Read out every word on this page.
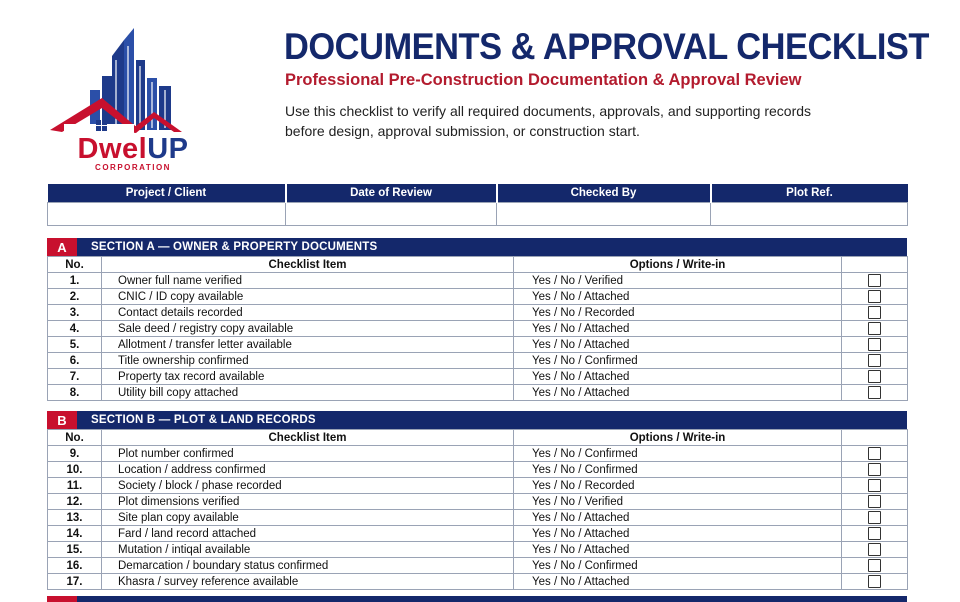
DwelUP
CORPORATION
DOCUMENTS & APPROVAL CHECKLIST
Professional Pre-Construction Documentation & Approval Review
Use this checklist to verify all required documents, approvals, and supporting records before design, approval submission, or construction start.
Project / Client	Date of Review	Checked By	Plot Ref.

A	SECTION A — OWNER & PROPERTY DOCUMENTS
No.	Checklist Item	Options / Write-in	
1.	Owner full name verified	Yes / No / Verified	
2.	CNIC / ID copy available	Yes / No / Attached	
3.	Contact details recorded	Yes / No / Recorded	
4.	Sale deed / registry copy available	Yes / No / Attached	
5.	Allotment / transfer letter available	Yes / No / Attached	
6.	Title ownership confirmed	Yes / No / Confirmed	
7.	Property tax record available	Yes / No / Attached	
8.	Utility bill copy attached	Yes / No / Attached	
B	SECTION B — PLOT & LAND RECORDS
No.	Checklist Item	Options / Write-in	
9.	Plot number confirmed	Yes / No / Confirmed	
10.	Location / address confirmed	Yes / No / Confirmed	
11.	Society / block / phase recorded	Yes / No / Recorded	
12.	Plot dimensions verified	Yes / No / Verified	
13.	Site plan copy available	Yes / No / Attached	
14.	Fard / land record attached	Yes / No / Attached	
15.	Mutation / intiqal available	Yes / No / Attached	
16.	Demarcation / boundary status confirmed	Yes / No / Confirmed	
17.	Khasra / survey reference available	Yes / No / Attached	
